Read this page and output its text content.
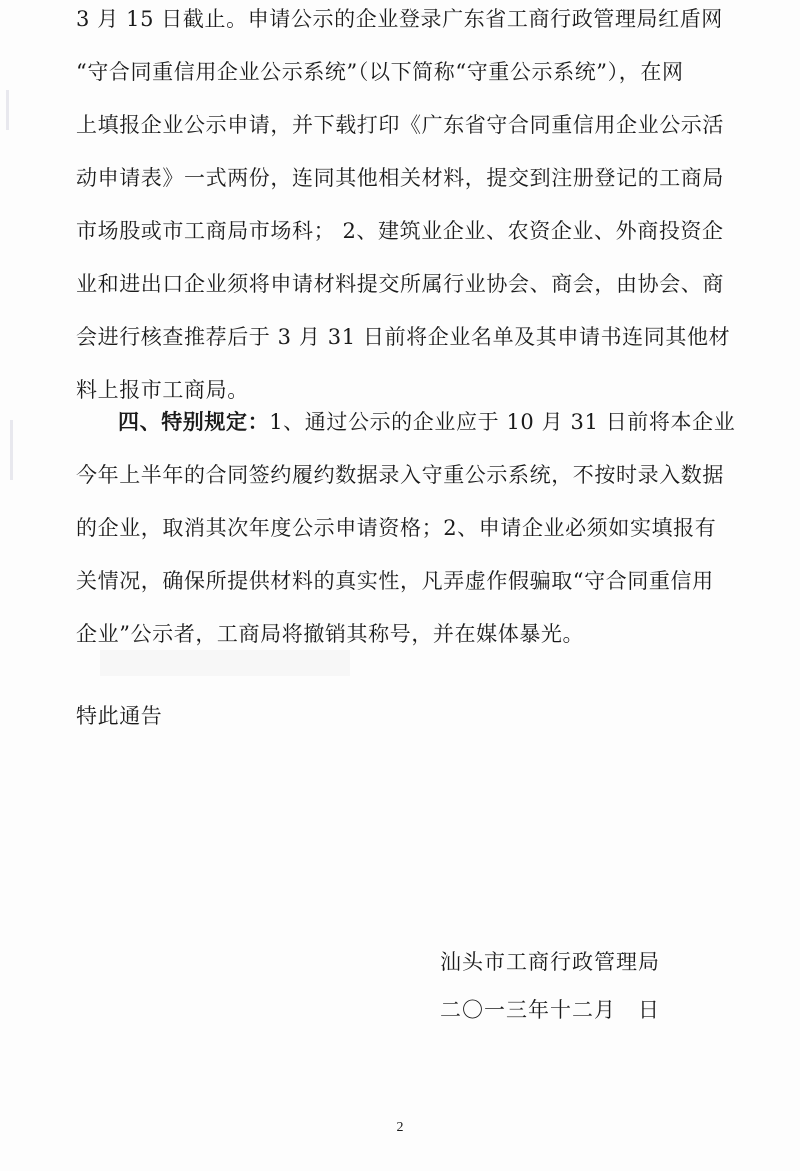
3 月 15 日截止。申请公示的企业登录广东省工商行政管理局红盾网
“守合同重信用企业公示系统”（以下简称“守重公示系统”），在网
上填报企业公示申请，并下载打印《广东省守合同重信用企业公示活
动申请表》一式两份，连同其他相关材料，提交到注册登记的工商局
市场股或市工商局市场科； 2、建筑业企业、农资企业、外商投资企
业和进出口企业须将申请材料提交所属行业协会、商会，由协会、商
会进行核查推荐后于 3 月 31 日前将企业名单及其申请书连同其他材
料上报市工商局。
四、特别规定：1、通过公示的企业应于 10 月 31 日前将本企业
今年上半年的合同签约履约数据录入守重公示系统，不按时录入数据
的企业，取消其次年度公示申请资格；2、申请企业必须如实填报有
关情况，确保所提供材料的真实性，凡弄虚作假骗取“守合同重信用
企业”公示者，工商局将撤销其称号，并在媒体暴光。
特此通告
汕头市工商行政管理局
二〇一三年十二月　日
2
